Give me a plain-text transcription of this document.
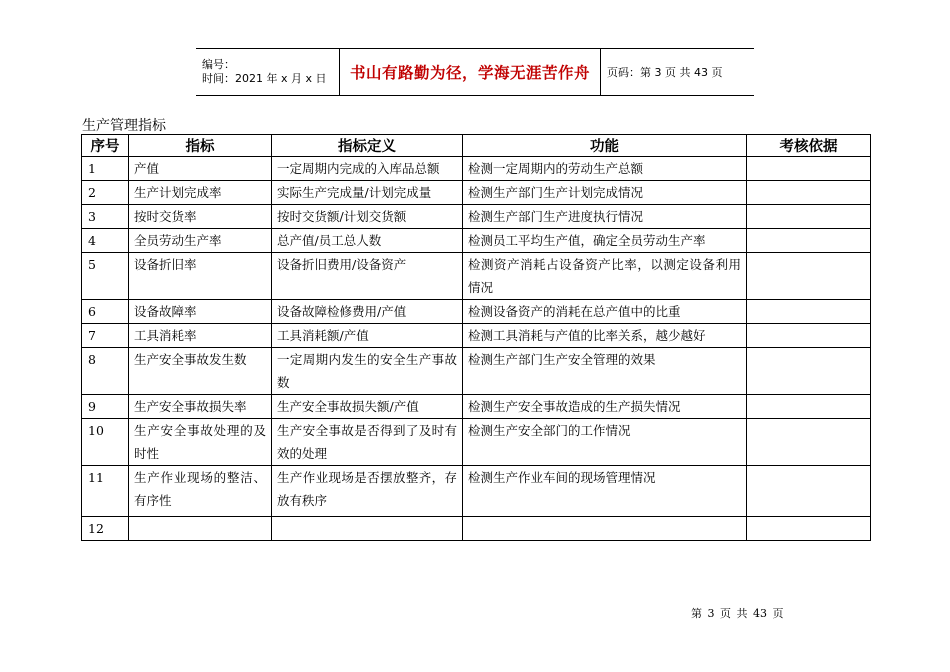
编号：
时间：2021 年 x 月 x 日	书山有路勤为径，学海无涯苦作舟	页码：第 3 页 共 43 页
生产管理指标
序号	指标	指标定义	功能	考核依据
1	产值	一定周期内完成的入库品总额	检测一定周期内的劳动生产总额	
2	生产计划完成率	实际生产完成量/计划完成量	检测生产部门生产计划完成情况	
3	按时交货率	按时交货额/计划交货额	检测生产部门生产进度执行情况	
4	全员劳动生产率	总产值/员工总人数	检测员工平均生产值，确定全员劳动生产率	
5	设备折旧率	设备折旧费用/设备资产	检测资产消耗占设备资产比率，以测定设备利用情况	
6	设备故障率	设备故障检修费用/产值	检测设备资产的消耗在总产值中的比重	
7	工具消耗率	工具消耗额/产值	检测工具消耗与产值的比率关系，越少越好	
8	生产安全事故发生数	一定周期内发生的安全生产事故数	检测生产部门生产安全管理的效果	
9	生产安全事故损失率	生产安全事故损失额/产值	检测生产安全事故造成的生产损失情况	
10	生产安全事故处理的及时性	生产安全事故是否得到了及时有效的处理	检测生产安全部门的工作情况	
11	生产作业现场的整洁、有序性	生产作业现场是否摆放整齐，存放有秩序	检测生产作业车间的现场管理情况	
12				
第 3 页 共 43 页
